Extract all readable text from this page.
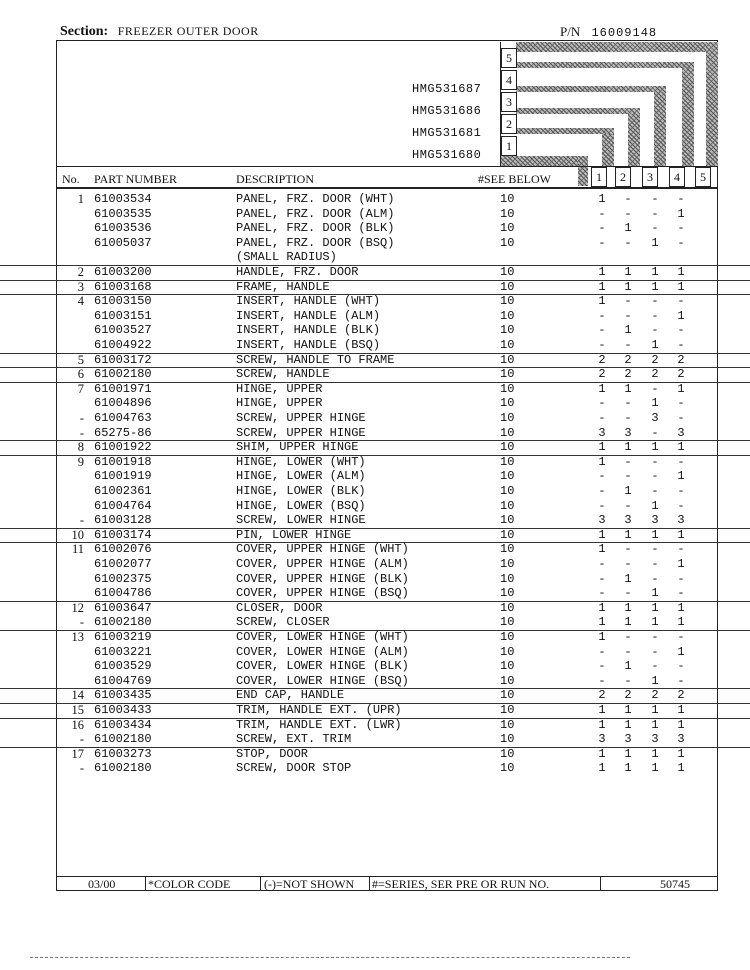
Section: FREEZER OUTER DOOR	P/N 16009148
5
4
3
2
1
HMG531687
HMG531686
HMG531681
HMG531680
No. PART NUMBER	DESCRIPTION	#SEE BELOW	1	2	3	4	5
1 61003534	PANEL, FRZ. DOOR (WHT)	10	1	-	-	-
61003535	PANEL, FRZ. DOOR (ALM)	10	-	-	-	1
61003536	PANEL, FRZ. DOOR (BLK)	10	-	1	-	-
61005037	PANEL, FRZ. DOOR (BSQ)	10	-	-	1	-
(SMALL RADIUS)
2 61003200	HANDLE, FRZ. DOOR	10	1	1	1	1
3 61003168	FRAME, HANDLE	10	1	1	1	1
4 61003150	INSERT, HANDLE (WHT)	10	1	-	-	-
61003151	INSERT, HANDLE (ALM)	10	-	-	-	1
61003527	INSERT, HANDLE (BLK)	10	-	1	-	-
61004922	INSERT, HANDLE (BSQ)	10	-	-	1	-
5 61003172	SCREW, HANDLE TO FRAME	10	2	2	2	2
6 61002180	SCREW, HANDLE	10	2	2	2	2
7 61001971	HINGE, UPPER	10	1	1	-	1
61004896	HINGE, UPPER	10	-	-	1	-
- 61004763	SCREW, UPPER HINGE	10	-	-	3	-
- 65275-86	SCREW, UPPER HINGE	10	3	3	-	3
8 61001922	SHIM, UPPER HINGE	10	1	1	1	1
9 61001918	HINGE, LOWER (WHT)	10	1	-	-	-
61001919	HINGE, LOWER (ALM)	10	-	-	-	1
61002361	HINGE, LOWER (BLK)	10	-	1	-	-
61004764	HINGE, LOWER (BSQ)	10	-	-	1	-
- 61003128	SCREW, LOWER HINGE	10	3	3	3	3
10 61003174	PIN, LOWER HINGE	10	1	1	1	1
11 61002076	COVER, UPPER HINGE (WHT)	10	1	-	-	-
61002077	COVER, UPPER HINGE (ALM)	10	-	-	-	1
61002375	COVER, UPPER HINGE (BLK)	10	-	1	-	-
61004786	COVER, UPPER HINGE (BSQ)	10	-	-	1	-
12 61003647	CLOSER, DOOR	10	1	1	1	1
- 61002180	SCREW, CLOSER	10	1	1	1	1
13 61003219	COVER, LOWER HINGE (WHT)	10	1	-	-	-
61003221	COVER, LOWER HINGE (ALM)	10	-	-	-	1
61003529	COVER, LOWER HINGE (BLK)	10	-	1	-	-
61004769	COVER, LOWER HINGE (BSQ)	10	-	-	1	-
14 61003435	END CAP, HANDLE	10	2	2	2	2
15 61003433	TRIM, HANDLE EXT. (UPR)	10	1	1	1	1
16 61003434	TRIM, HANDLE EXT. (LWR)	10	1	1	1	1
- 61002180	SCREW, EXT. TRIM	10	3	3	3	3
17 61003273	STOP, DOOR	10	1	1	1	1
- 61002180	SCREW, DOOR STOP	10	1	1	1	1
03/00	*COLOR CODE	(-)=NOT SHOWN #=SERIES, SER PRE OR RUN NO.	50745
